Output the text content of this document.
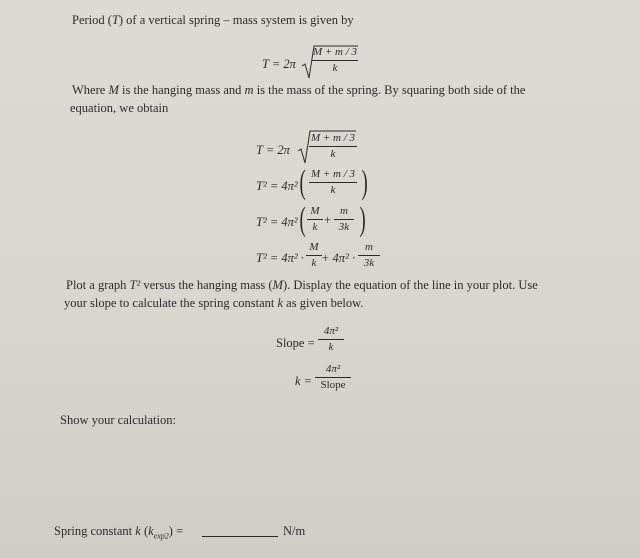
Period (T) of a vertical spring – mass system is given by
T = 2π
M + m / 3
k
Where M is the hanging mass and m is the mass of the spring. By squaring both side of the
equation, we obtain
T = 2π
M + m / 3
k
T² = 4π² ( M + m / 3
k )
T² = 4π² ( M
k +
m
3k )
T² = 4π² ·
M
k + 4π² ·
m
3k
Plot a graph T² versus the hanging mass (M). Display the equation of the line in your plot. Use
your slope to calculate the spring constant k as given below.
Slope =
4π²
k
k =
4π²
Slope
Show your calculation:
Spring constant k $(k_{exp2})$ =	N/m
